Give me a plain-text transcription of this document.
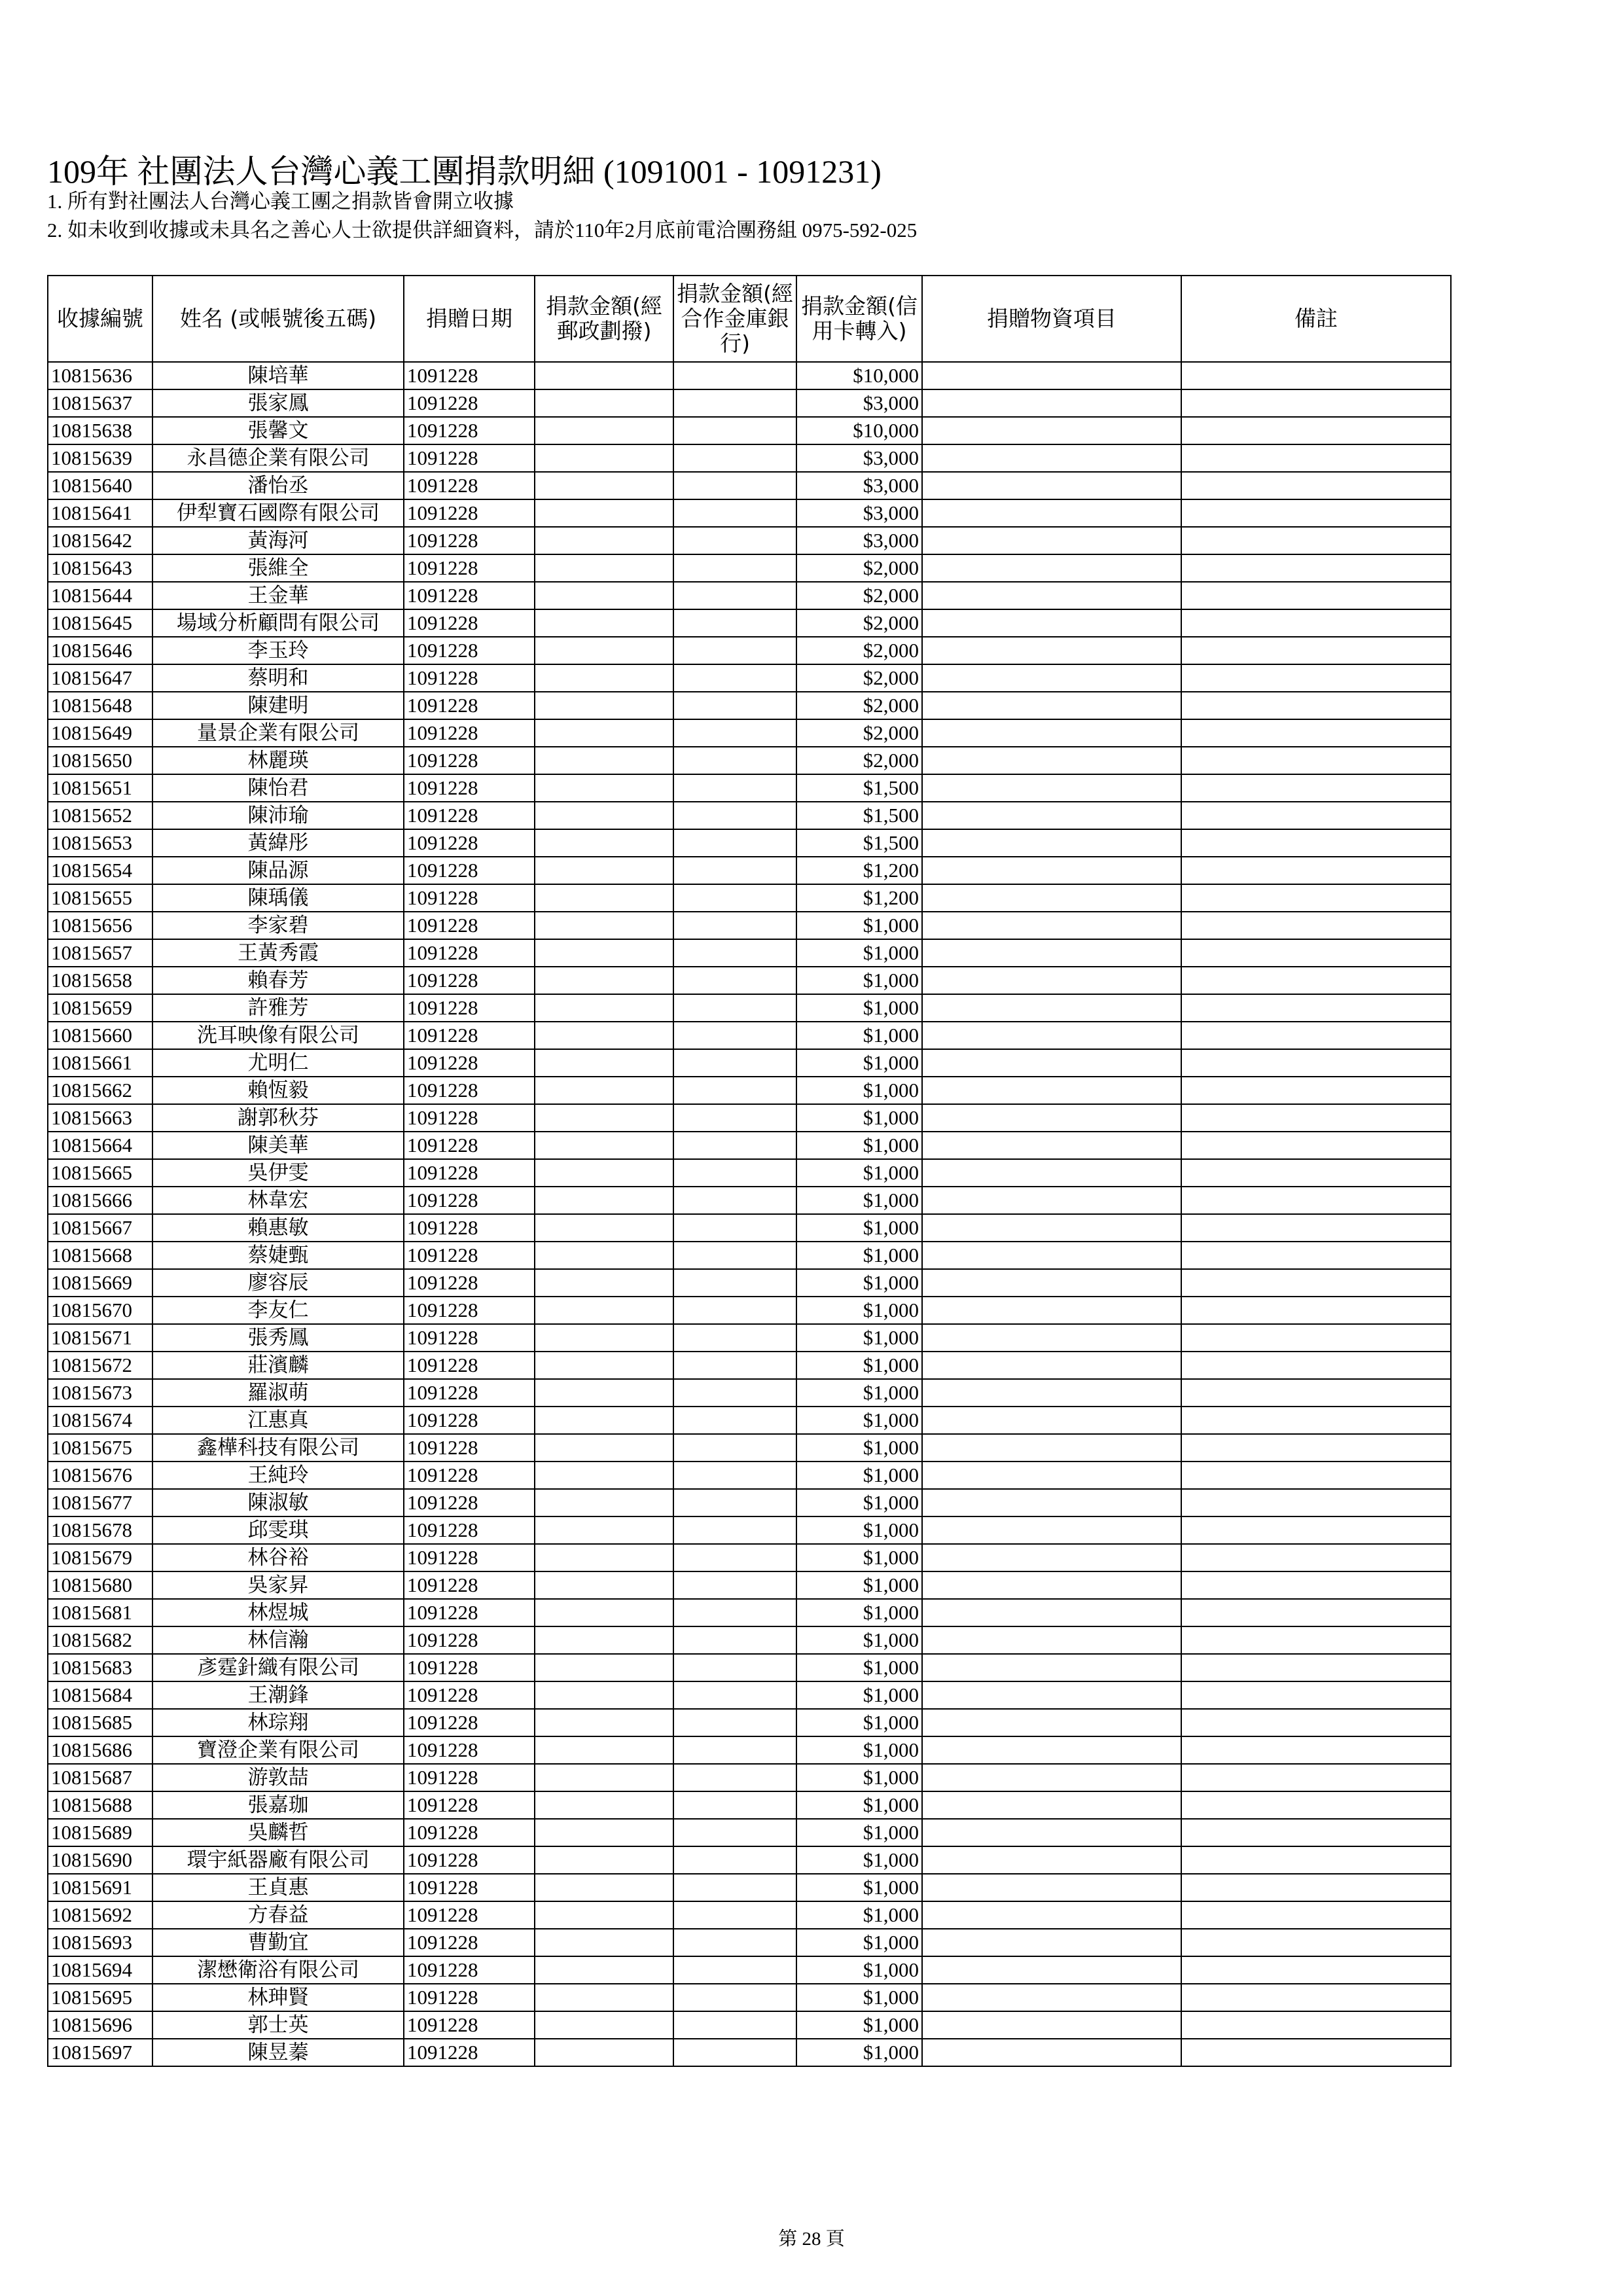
109年 社團法人台灣心義工團捐款明細 (1091001 - 1091231)
1. 所有對社團法人台灣心義工團之捐款皆會開立收據
2. 如未收到收據或未具名之善心人士欲提供詳細資料，請於110年2月底前電洽團務組 0975-592-025
收據編號	姓名 (或帳號後五碼)	捐贈日期	捐款金額(經郵政劃撥)	捐款金額(經合作金庫銀行)	捐款金額(信用卡轉入)	捐贈物資項目	備註
10815636	陳培華	1091228			$10,000		
10815637	張家鳳	1091228			$3,000		
10815638	張馨文	1091228			$10,000		
10815639	永昌德企業有限公司	1091228			$3,000		
10815640	潘怡丞	1091228			$3,000		
10815641	伊犁寶石國際有限公司	1091228			$3,000		
10815642	黃海河	1091228			$3,000		
10815643	張維全	1091228			$2,000		
10815644	王金華	1091228			$2,000		
10815645	場域分析顧問有限公司	1091228			$2,000		
10815646	李玉玲	1091228			$2,000		
10815647	蔡明和	1091228			$2,000		
10815648	陳建明	1091228			$2,000		
10815649	量景企業有限公司	1091228			$2,000		
10815650	林麗瑛	1091228			$2,000		
10815651	陳怡君	1091228			$1,500		
10815652	陳沛瑜	1091228			$1,500		
10815653	黃緯彤	1091228			$1,500		
10815654	陳品源	1091228			$1,200		
10815655	陳瑀儀	1091228			$1,200		
10815656	李家碧	1091228			$1,000		
10815657	王黃秀霞	1091228			$1,000		
10815658	賴春芳	1091228			$1,000		
10815659	許雅芳	1091228			$1,000		
10815660	洗耳映像有限公司	1091228			$1,000		
10815661	尤明仁	1091228			$1,000		
10815662	賴恆毅	1091228			$1,000		
10815663	謝郭秋芬	1091228			$1,000		
10815664	陳美華	1091228			$1,000		
10815665	吳伊雯	1091228			$1,000		
10815666	林韋宏	1091228			$1,000		
10815667	賴惠敏	1091228			$1,000		
10815668	蔡婕甄	1091228			$1,000		
10815669	廖容辰	1091228			$1,000		
10815670	李友仁	1091228			$1,000		
10815671	張秀鳳	1091228			$1,000		
10815672	莊濱麟	1091228			$1,000		
10815673	羅淑萌	1091228			$1,000		
10815674	江惠真	1091228			$1,000		
10815675	鑫樺科技有限公司	1091228			$1,000		
10815676	王純玲	1091228			$1,000		
10815677	陳淑敏	1091228			$1,000		
10815678	邱雯琪	1091228			$1,000		
10815679	林谷裕	1091228			$1,000		
10815680	吳家昇	1091228			$1,000		
10815681	林煜城	1091228			$1,000		
10815682	林信瀚	1091228			$1,000		
10815683	彥霆針織有限公司	1091228			$1,000		
10815684	王潮鋒	1091228			$1,000		
10815685	林琮翔	1091228			$1,000		
10815686	寶澄企業有限公司	1091228			$1,000		
10815687	游敦喆	1091228			$1,000		
10815688	張嘉珈	1091228			$1,000		
10815689	吳麟哲	1091228			$1,000		
10815690	環宇紙器廠有限公司	1091228			$1,000		
10815691	王貞惠	1091228			$1,000		
10815692	方春益	1091228			$1,000		
10815693	曹勤宜	1091228			$1,000		
10815694	潔懋衛浴有限公司	1091228			$1,000		
10815695	林珅賢	1091228			$1,000		
10815696	郭士英	1091228			$1,000		
10815697	陳昱蓁	1091228			$1,000		
第 28 頁
